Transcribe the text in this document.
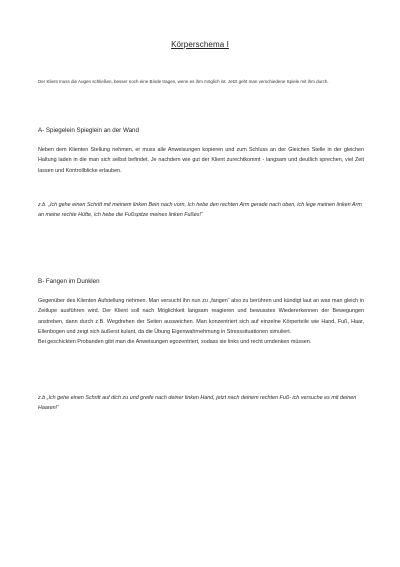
Körperschema I
Der Klient muss die Augen schließen, besser noch eine Binde tragen, wenn es ihm möglich ist. Jetzt geht man verschiedene Spiele mit ihm durch.
A- Spiegelein Spieglein an der Wand

Neben dem Klienten Stellung nehmen, er muss alle Anweisungen kopieren und zum Schluss an der Gleichen Stelle in der gleichen Haltung laden in die man sich selbst befindet. Je nachdem wie gut der Klient zurechtkommt - langsam und deutlich sprechen, viel Zeit lassen und Kontrollblicke erlauben.

z.b. „Ich gehe einen Schritt mit meinem linken Bein nach vorn, Ich hebe den rechten Arm gerade nach oben, ich lege meinen linken Arm an meine rechte Hüfte, ich hebe die Fußspitze meines linken Fußes!“
B- Fangen im Dunklen

Gegenüber des Klienten Aufstellung nehmen. Man versucht ihn nun zu „fangen“ also zu berühren und kündigt laut an was man gleich in Zeitlupe ausführen wird. Der Klient soll nach Möglichkeit langsam reagieren und bewusstes Wiedererkennen der Bewegungen anstreben, dann durch z.B. Wegdrehen der Seiten ausweichen. Man konzentriert sich auf einzelne Körperteile wie Hand, Fuß, Haar, Ellenbogen und zeigt sich äußerst kulant, da die Übung Eigenwahrnehmung in Stresssituationen simuliert.

Bei geschickten Probanden gibt man die Anweisungen egozentriert, sodass sie links und recht umdenken müssen.

z.b „Ich gehe einen Schritt auf dich zu und greife nach deiner linken Hand, jetzt nach deinem rechten Fuß- ich versuche es mit deinen Haaren!“
